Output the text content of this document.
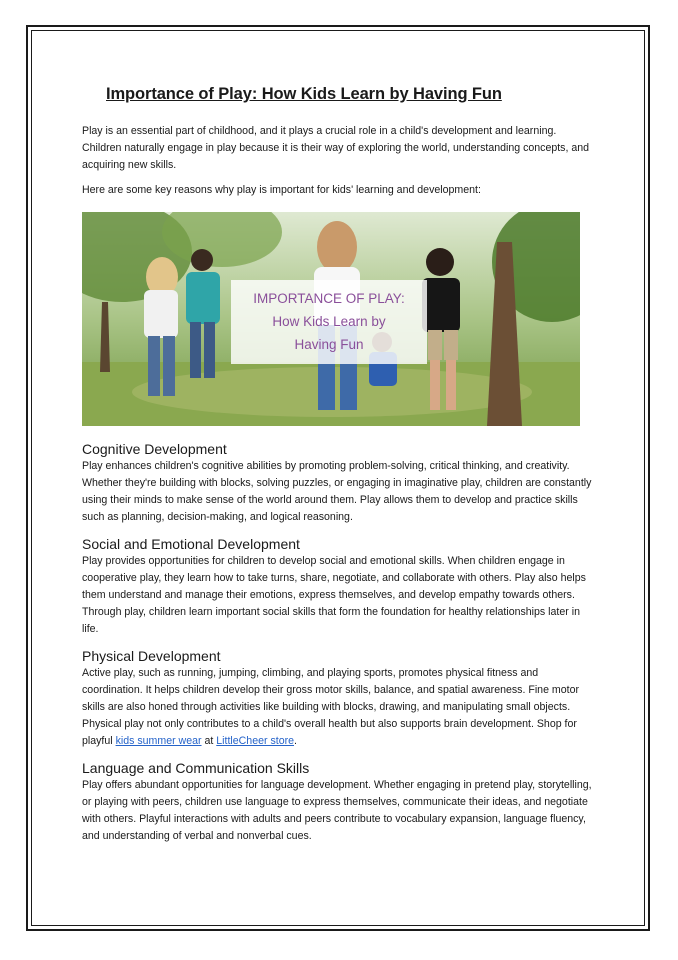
Importance of Play: How Kids Learn by Having Fun

Play is an essential part of childhood, and it plays a crucial role in a child's development and learning. Children naturally engage in play because it is their way of exploring the world, understanding concepts, and acquiring new skills.

Here are some key reasons why play is important for kids' learning and development:

IMPORTANCE OF PLAY:
How Kids Learn by
Having Fun
Cognitive Development

Play enhances children's cognitive abilities by promoting problem-solving, critical thinking, and creativity. Whether they're building with blocks, solving puzzles, or engaging in imaginative play, children are constantly using their minds to make sense of the world around them. Play allows them to develop and practice skills such as planning, decision-making, and logical reasoning.

Social and Emotional Development

Play provides opportunities for children to develop social and emotional skills. When children engage in cooperative play, they learn how to take turns, share, negotiate, and collaborate with others. Play also helps them understand and manage their emotions, express themselves, and develop empathy towards others. Through play, children learn important social skills that form the foundation for healthy relationships later in life.

Physical Development

Active play, such as running, jumping, climbing, and playing sports, promotes physical fitness and coordination. It helps children develop their gross motor skills, balance, and spatial awareness. Fine motor skills are also honed through activities like building with blocks, drawing, and manipulating small objects. Physical play not only contributes to a child's overall health but also supports brain development. Shop for playful kids summer wear at LittleCheer store.

Language and Communication Skills

Play offers abundant opportunities for language development. Whether engaging in pretend play, storytelling, or playing with peers, children use language to express themselves, communicate their ideas, and negotiate with others. Playful interactions with adults and peers contribute to vocabulary expansion, language fluency, and understanding of verbal and nonverbal cues.
